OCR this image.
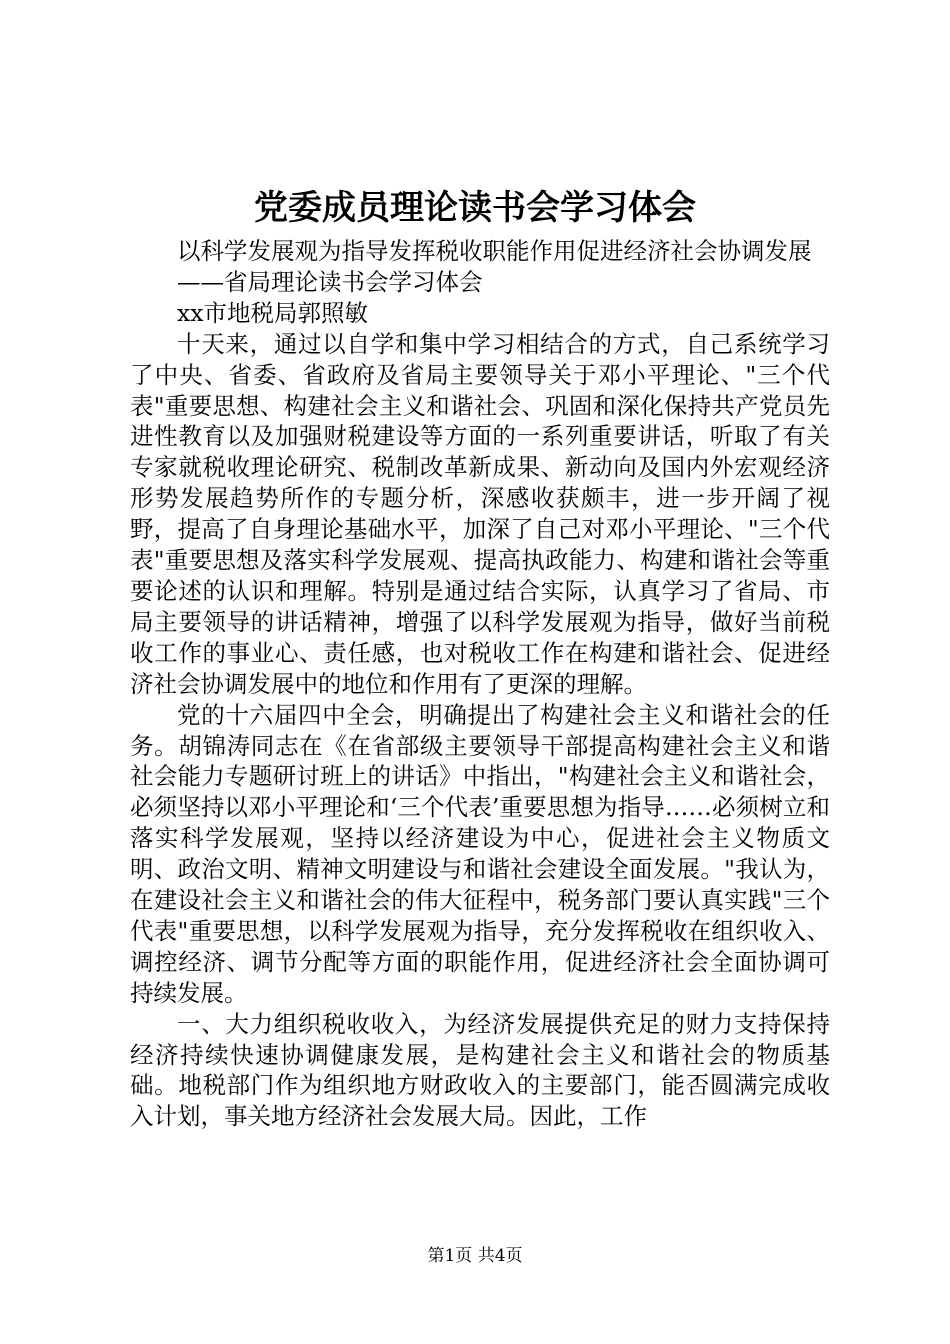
党委成员理论读书会学习体会

以科学发展观为指导发挥税收职能作用促进经济社会协调发展

——省局理论读书会学习体会

xx市地税局郭照敏

十天来，通过以自学和集中学习相结合的方式，自己系统学习了中央、省委、省政府及省局主要领导关于邓小平理论、"三个代表"重要思想、构建社会主义和谐社会、巩固和深化保持共产党员先进性教育以及加强财税建设等方面的一系列重要讲话，听取了有关专家就税收理论研究、税制改革新成果、新动向及国内外宏观经济形势发展趋势所作的专题分析，深感收获颇丰，进一步开阔了视野，提高了自身理论基础水平，加深了自己对邓小平理论、"三个代表"重要思想及落实科学发展观、提高执政能力、构建和谐社会等重要论述的认识和理解。特别是通过结合实际，认真学习了省局、市局主要领导的讲话精神，增强了以科学发展观为指导，做好当前税收工作的事业心、责任感，也对税收工作在构建和谐社会、促进经济社会协调发展中的地位和作用有了更深的理解。

党的十六届四中全会，明确提出了构建社会主义和谐社会的任务。胡锦涛同志在《在省部级主要领导干部提高构建社会主义和谐社会能力专题研讨班上的讲话》中指出，"构建社会主义和谐社会，必须坚持以邓小平理论和‘三个代表’重要思想为指导……必须树立和落实科学发展观，坚持以经济建设为中心，促进社会主义物质文明、政治文明、精神文明建设与和谐社会建设全面发展。"我认为，在建设社会主义和谐社会的伟大征程中，税务部门要认真实践"三个代表"重要思想，以科学发展观为指导，充分发挥税收在组织收入、调控经济、调节分配等方面的职能作用，促进经济社会全面协调可持续发展。

一、大力组织税收收入，为经济发展提供充足的财力支持保持经济持续快速协调健康发展，是构建社会主义和谐社会的物质基础。地税部门作为组织地方财政收入的主要部门，能否圆满完成收入计划，事关地方经济社会发展大局。因此，工作

第1页 共4页
